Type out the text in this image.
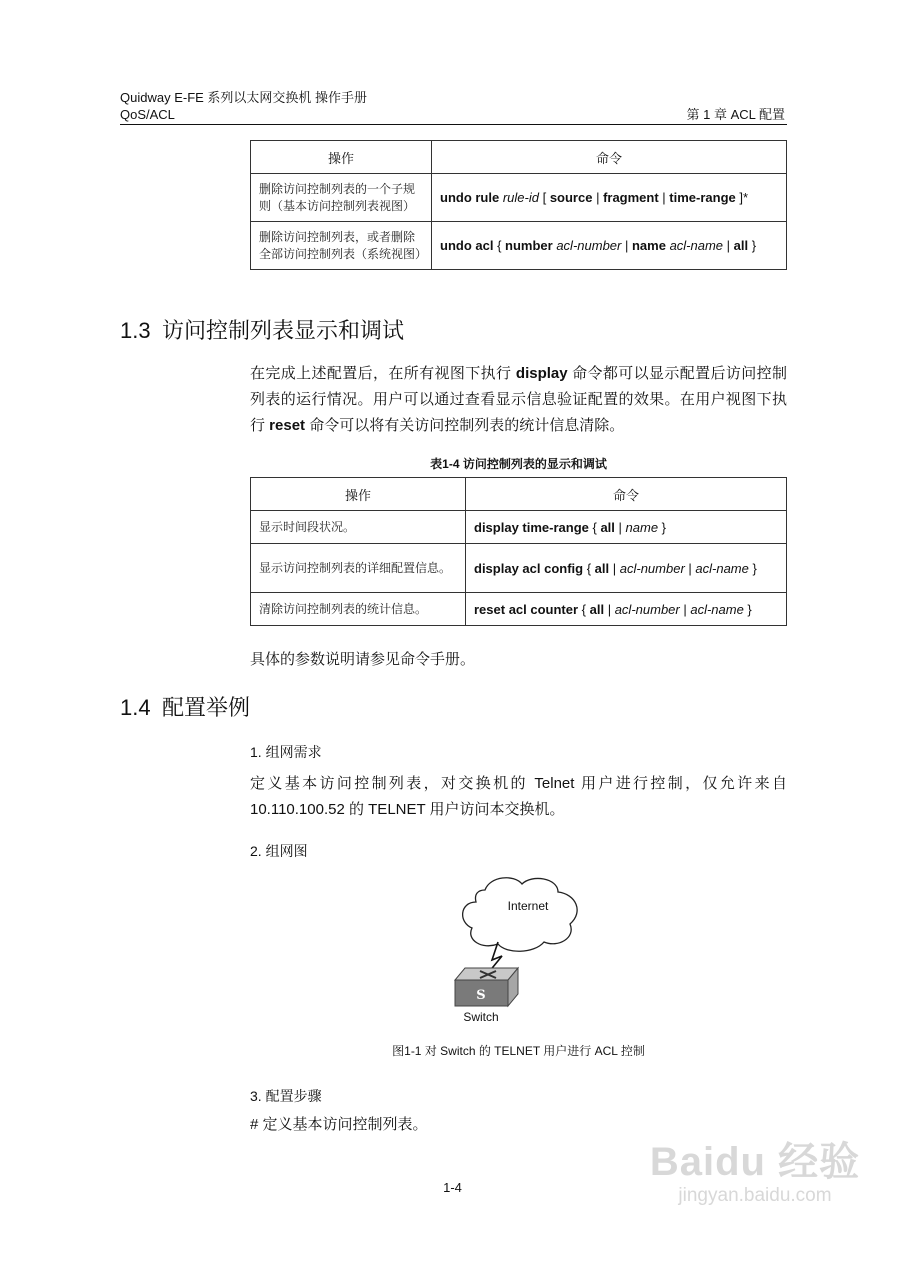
Quidway E-FE 系列以太网交换机 操作手册
QoS/ACL	第 1 章 ACL 配置
操作	命令
删除访问控制列表的一个子规则（基本访问控制列表视图）	undo rule rule-id [ source | fragment | time-range ]*
删除访问控制列表，或者删除全部访问控制列表（系统视图）	undo acl { number acl-number | name acl-name | all }
1.3 访问控制列表显示和调试
在完成上述配置后，在所有视图下执行 display 命令都可以显示配置后访问控制列表的运行情况。用户可以通过查看显示信息验证配置的效果。在用户视图下执行 reset 命令可以将有关访问控制列表的统计信息清除。
表1-4 访问控制列表的显示和调试
操作	命令
显示时间段状况。	display time-range { all | name }
显示访问控制列表的详细配置信息。	display acl config { all | acl-number | acl-name }
清除访问控制列表的统计信息。	reset acl counter { all | acl-number | acl-name }
具体的参数说明请参见命令手册。
1.4 配置举例
1. 组网需求
定义基本访问控制列表，对交换机的 Telnet 用户进行控制，仅允许来自 10.110.100.52 的 TELNET 用户访问本交换机。
2. 组网图
Internet
S
Switch
图1-1 对 Switch 的 TELNET 用户进行 ACL 控制
3. 配置步骤
# 定义基本访问控制列表。
1-4
Baidu 经验
jingyan.baidu.com
